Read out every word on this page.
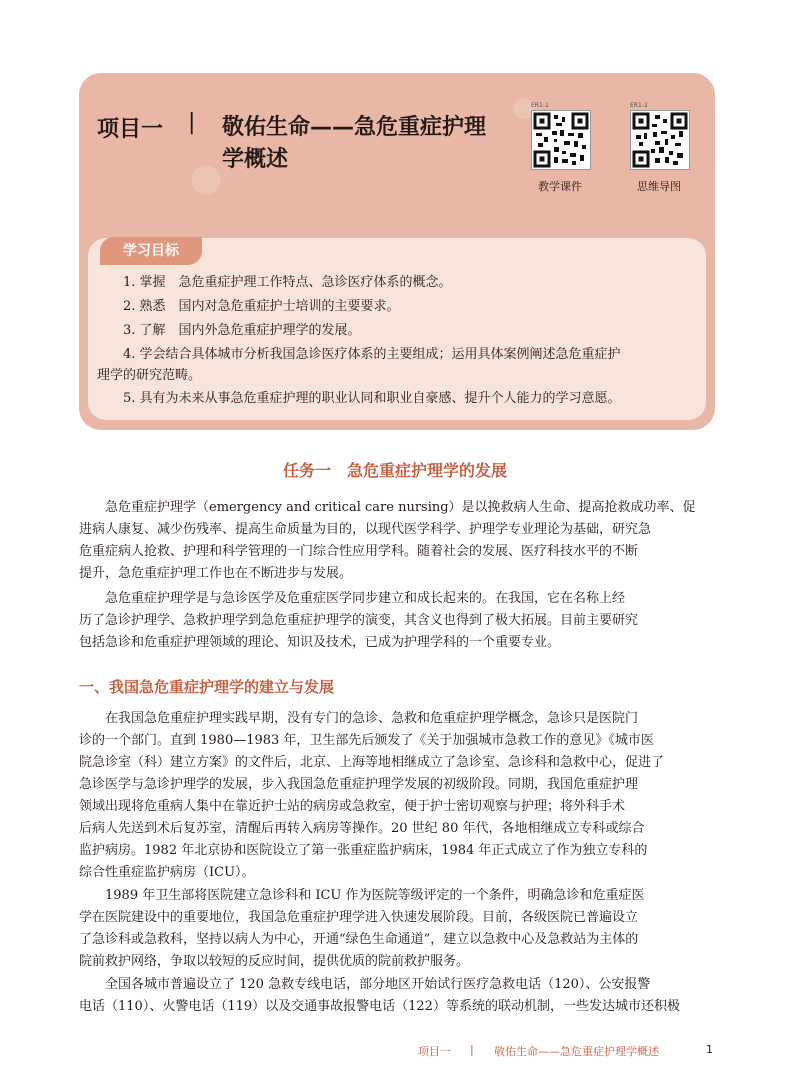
项目一 | 敬佑生命——急危重症护理
学概述
ER1-1
教学课件
ER1-2
思维导图
学习目标
1. 掌握　急危重症护理工作特点、急诊医疗体系的概念。
2. 熟悉　国内对急危重症护士培训的主要要求。
3. 了解　国内外急危重症护理学的发展。
4. 学会结合具体城市分析我国急诊医疗体系的主要组成；运用具体案例阐述急危重症护
理学的研究范畴。
5. 具有为未来从事急危重症护理的职业认同和职业自豪感、提升个人能力的学习意愿。
任务一　急危重症护理学的发展
急危重症护理学（emergency and critical care nursing）是以挽救病人生命、提高抢救成功率、促
进病人康复、减少伤残率、提高生命质量为目的，以现代医学科学、护理学专业理论为基础，研究急
危重症病人抢救、护理和科学管理的一门综合性应用学科。随着社会的发展、医疗科技水平的不断
提升，急危重症护理工作也在不断进步与发展。
急危重症护理学是与急诊医学及危重症医学同步建立和成长起来的。在我国，它在名称上经
历了急诊护理学、急救护理学到急危重症护理学的演变，其含义也得到了极大拓展。目前主要研究
包括急诊和危重症护理领域的理论、知识及技术，已成为护理学科的一个重要专业。
一、我国急危重症护理学的建立与发展
在我国急危重症护理实践早期，没有专门的急诊、急救和危重症护理学概念，急诊只是医院门
诊的一个部门。直到 1980—1983 年，卫生部先后颁发了《关于加强城市急救工作的意见》《城市医
院急诊室（科）建立方案》的文件后，北京、上海等地相继成立了急诊室、急诊科和急救中心，促进了
急诊医学与急诊护理学的发展，步入我国急危重症护理学发展的初级阶段。同期，我国危重症护理
领域出现将危重病人集中在靠近护士站的病房或急救室，便于护士密切观察与护理；将外科手术
后病人先送到术后复苏室，清醒后再转入病房等操作。20 世纪 80 年代，各地相继成立专科或综合
监护病房。1982 年北京协和医院设立了第一张重症监护病床，1984 年正式成立了作为独立专科的
综合性重症监护病房（ICU）。
1989 年卫生部将医院建立急诊科和 ICU 作为医院等级评定的一个条件，明确急诊和危重症医
学在医院建设中的重要地位，我国急危重症护理学进入快速发展阶段。目前，各级医院已普遍设立
了急诊科或急救科，坚持以病人为中心，开通“绿色生命通道”，建立以急救中心及急救站为主体的
院前救护网络，争取以较短的反应时间，提供优质的院前救护服务。
全国各城市普遍设立了 120 急救专线电话，部分地区开始试行医疗急救电话（120）、公安报警
电话（110）、火警电话（119）以及交通事故报警电话（122）等系统的联动机制，一些发达城市还积极
项目一 | 敬佑生命——急危重症护理学概述	1
